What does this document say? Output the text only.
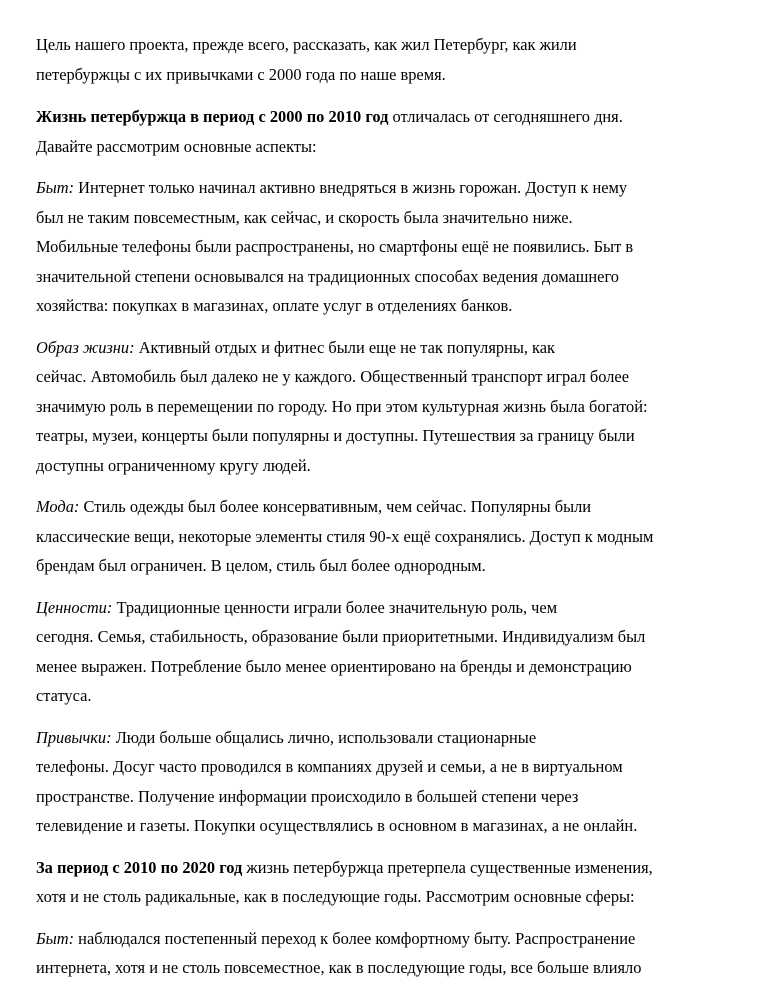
Цель нашего проекта, прежде всего, рассказать, как жил Петербург, как жили
петербуржцы с их привычками с 2000 года по наше время.

Жизнь петербуржца в период с 2000 по 2010 год отличалась от сегодняшнего дня.
Давайте рассмотрим основные аспекты:

Быт: Интернет только начинал активно внедряться в жизнь горожан. Доступ к нему
был не таким повсеместным, как сейчас, и скорость была значительно ниже.
Мобильные телефоны были распространены, но смартфоны ещё не появились. Быт в
значительной степени основывался на традиционных способах ведения домашнего
хозяйства: покупках в магазинах, оплате услуг в отделениях банков.

Образ жизни: Активный отдых и фитнес были еще не так популярны, как
сейчас. Автомобиль был далеко не у каждого. Общественный транспорт играл более
значимую роль в перемещении по городу. Но при этом культурная жизнь была богатой:
театры, музеи, концерты были популярны и доступны. Путешествия за границу были
доступны ограниченному кругу людей.

Мода: Стиль одежды был более консервативным, чем сейчас. Популярны были
классические вещи, некоторые элементы стиля 90-х ещё сохранялись. Доступ к модным
брендам был ограничен. В целом, стиль был более однородным.

Ценности: Традиционные ценности играли более значительную роль, чем
сегодня. Семья, стабильность, образование были приоритетными. Индивидуализм был
менее выражен. Потребление было менее ориентировано на бренды и демонстрацию
статуса.

Привычки: Люди больше общались лично, использовали стационарные
телефоны. Досуг часто проводился в компаниях друзей и семьи, а не в виртуальном
пространстве. Получение информации происходило в большей степени через
телевидение и газеты. Покупки осуществлялись в основном в магазинах, а не онлайн.

За период с 2010 по 2020 год жизнь петербуржца претерпела существенные изменения,
хотя и не столь радикальные, как в последующие годы. Рассмотрим основные сферы:

Быт: наблюдался постепенный переход к более комфортному быту. Распространение
интернета, хотя и не столь повсеместное, как в последующие годы, все больше влияло
